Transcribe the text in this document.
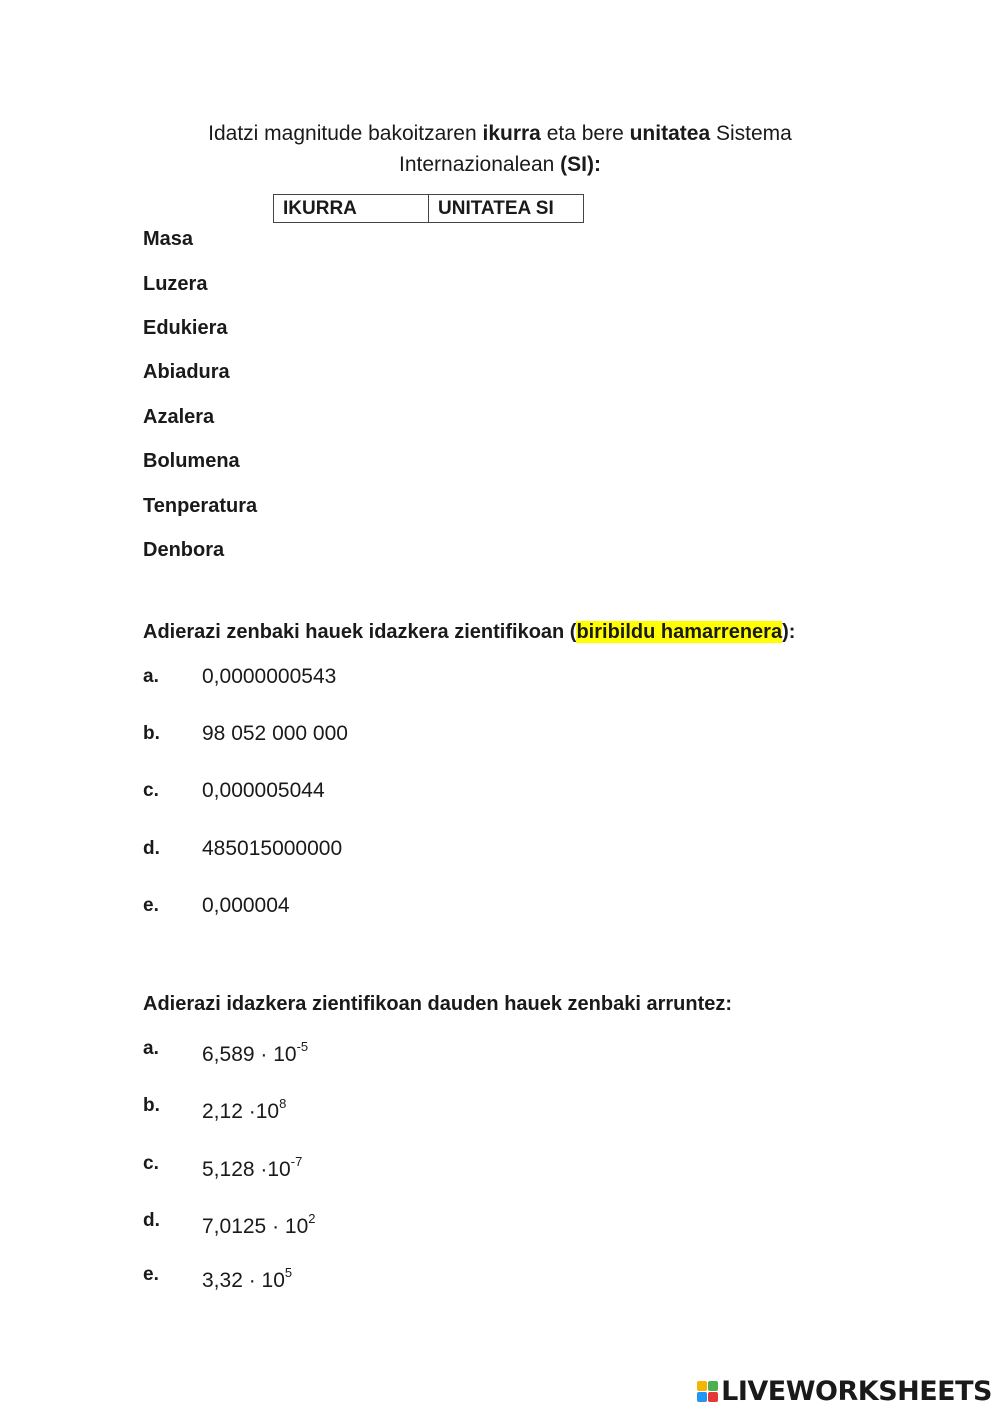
Idatzi magnitude bakoitzaren ikurra eta bere unitatea Sistema Internazionalean (SI):
IKURRA	UNITATEA SI
Masa
Luzera
Edukiera
Abiadura
Azalera
Bolumena
Tenperatura
Denbora
Adierazi zenbaki hauek idazkera zientifikoan (biribildu hamarrenera):
a. 0,0000000543
b. 98 052 000 000
c. 0,000005044
d. 485015000000
e. 0,000004
Adierazi idazkera zientifikoan dauden hauek zenbaki arruntez:
a. $6,589 \cdot 10^{-5}$
b. $2,12 \cdot 10^8$
c. $5,128 \cdot 10^{-7}$
d. $7,0125 \cdot 10^2$
e. $3,32 \cdot 10^5$
LIVEWORKSHEETS
